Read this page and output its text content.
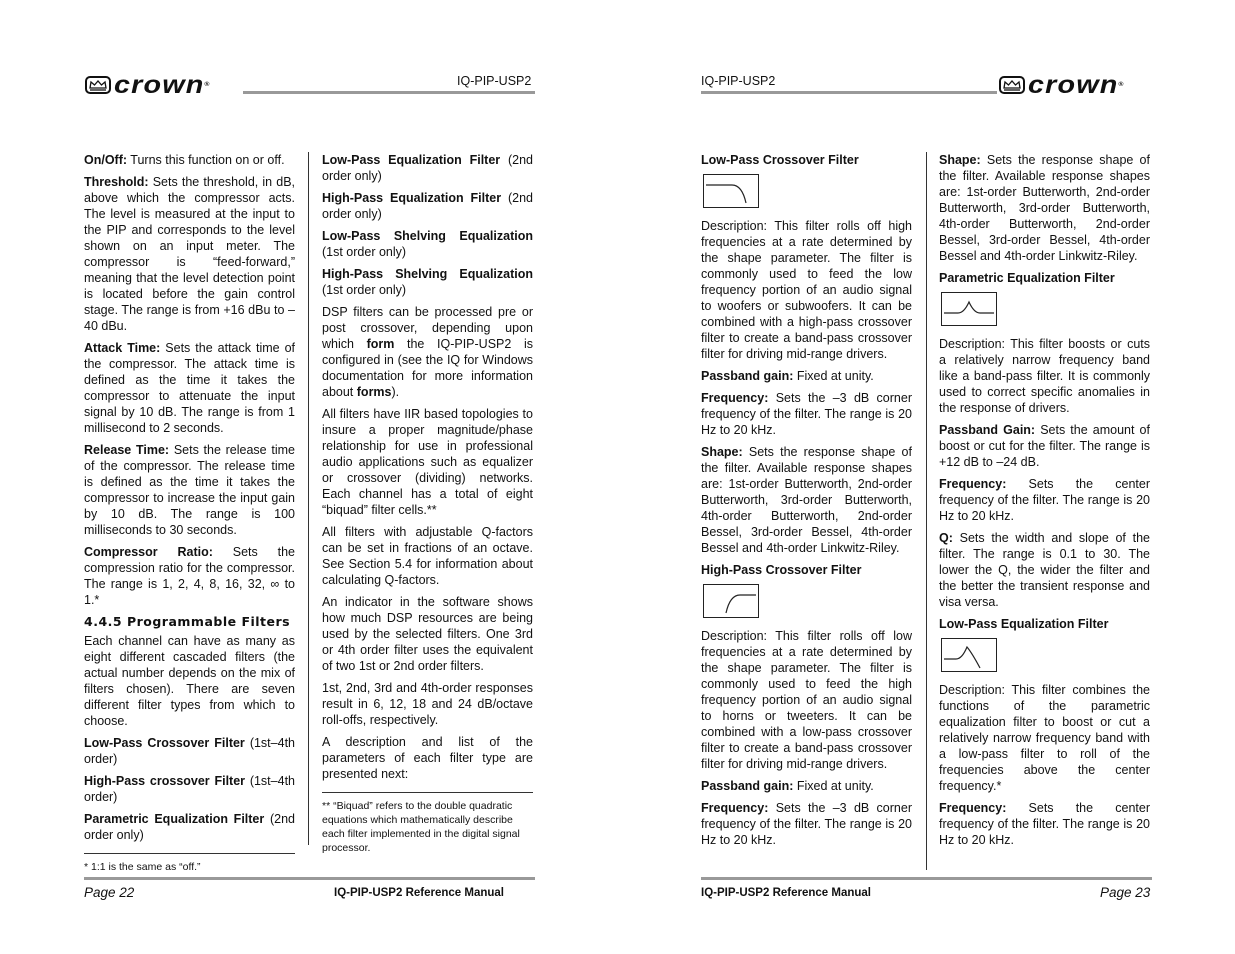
crown®	IQ-PIP-USP2

On/Off: Turns this function on or off.

Threshold: Sets the threshold, in dB, above which the compressor acts. The level is measured at the input to the PIP and corresponds to the level shown on an input meter. The compressor is “feed-forward,” meaning that the level detection point is located before the gain control stage. The range is from +16 dBu to –40 dBu.

Attack Time: Sets the attack time of the compressor. The attack time is defined as the time it takes the compressor to attenuate the input signal by 10 dB. The range is from 1 millisecond to 2 seconds.

Release Time: Sets the release time of the compressor. The release time is defined as the time it takes the compressor to increase the input gain by 10 dB. The range is 100 milliseconds to 30 seconds.

Compressor Ratio: Sets the compression ratio for the compressor. The range is 1, 2, 4, 8, 16, 32, ∞ to 1.*

4.4.5 Programmable Filters

Each channel can have as many as eight different cascaded filters (the actual number depends on the mix of filters chosen). There are seven different filter types from which to choose.

Low-Pass Crossover Filter (1st–4th order)

High-Pass crossover Filter (1st–4th order)

Parametric Equalization Filter (2nd order only)

* 1:1 is the same as “off.”

Low-Pass Equalization Filter (2nd order only)

High-Pass Equalization Filter (2nd order only)

Low-Pass Shelving Equalization (1st order only)

High-Pass Shelving Equalization (1st order only)

DSP filters can be processed pre or post crossover, depending upon which form the IQ-PIP-USP2 is configured in (see the IQ for Windows documentation for more information about forms).

All filters have IIR based topologies to insure a proper magnitude/phase relationship for use in professional audio applications such as equalizer or crossover (dividing) networks. Each channel has a total of eight “biquad” filter cells.**

All filters with adjustable Q-factors can be set in fractions of an octave. See Section 5.4 for information about calculating Q-factors.

An indicator in the software shows how much DSP resources are being used by the selected filters. One 3rd or 4th order filter uses the equivalent of two 1st or 2nd order filters.

1st, 2nd, 3rd and 4th-order responses result in 6, 12, 18 and 24 dB/octave roll-offs, respectively.

A description and list of the parameters of each filter type are presented next:

** “Biquad” refers to the double quadratic equations which mathematically describe each filter implemented in the digital signal processor.
Page 22	IQ-PIP-USP2 Reference Manual
IQ-PIP-USP2	crown®

Low-Pass Crossover Filter

Description: This filter rolls off high frequencies at a rate determined by the shape parameter. The filter is commonly used to feed the low frequency portion of an audio signal to woofers or subwoofers. It can be combined with a high-pass crossover filter to create a band-pass crossover filter for driving mid-range drivers.

Passband gain: Fixed at unity.

Frequency: Sets the –3 dB corner frequency of the filter. The range is 20 Hz to 20 kHz.

Shape: Sets the response shape of the filter. Available response shapes are: 1st-order Butterworth, 2nd-order Butterworth, 3rd-order Butterworth, 4th-order Butterworth, 2nd-order Bessel, 3rd-order Bessel, 4th-order Bessel and 4th-order Linkwitz-Riley.

High-Pass Crossover Filter

Description: This filter rolls off low frequencies at a rate determined by the shape parameter. The filter is commonly used to feed the high frequency portion of an audio signal to horns or tweeters. It can be combined with a low-pass crossover filter to create a band-pass crossover filter for driving mid-range drivers.

Passband gain: Fixed at unity.

Frequency: Sets the –3 dB corner frequency of the filter. The range is 20 Hz to 20 kHz.

Shape: Sets the response shape of the filter. Available response shapes are: 1st-order Butterworth, 2nd-order Butterworth, 3rd-order Butterworth, 4th-order Butterworth, 2nd-order Bessel, 3rd-order Bessel, 4th-order Bessel and 4th-order Linkwitz-Riley.

Parametric Equalization Filter

Description: This filter boosts or cuts a relatively narrow frequency band like a band-pass filter. It is commonly used to correct specific anomalies in the response of drivers.

Passband Gain: Sets the amount of boost or cut for the filter. The range is +12 dB to –24 dB.

Frequency: Sets the center frequency of the filter. The range is 20 Hz to 20 kHz.

Q: Sets the width and slope of the filter. The range is 0.1 to 30. The lower the Q, the wider the filter and the better the transient response and visa versa.

Low-Pass Equalization Filter

Description: This filter combines the functions of the parametric equalization filter to boost or cut a relatively narrow frequency band with a low-pass filter to roll of the frequencies above the center frequency.*

Frequency: Sets the center frequency of the filter. The range is 20 Hz to 20 kHz.

IQ-PIP-USP2 Reference Manual	Page 23
